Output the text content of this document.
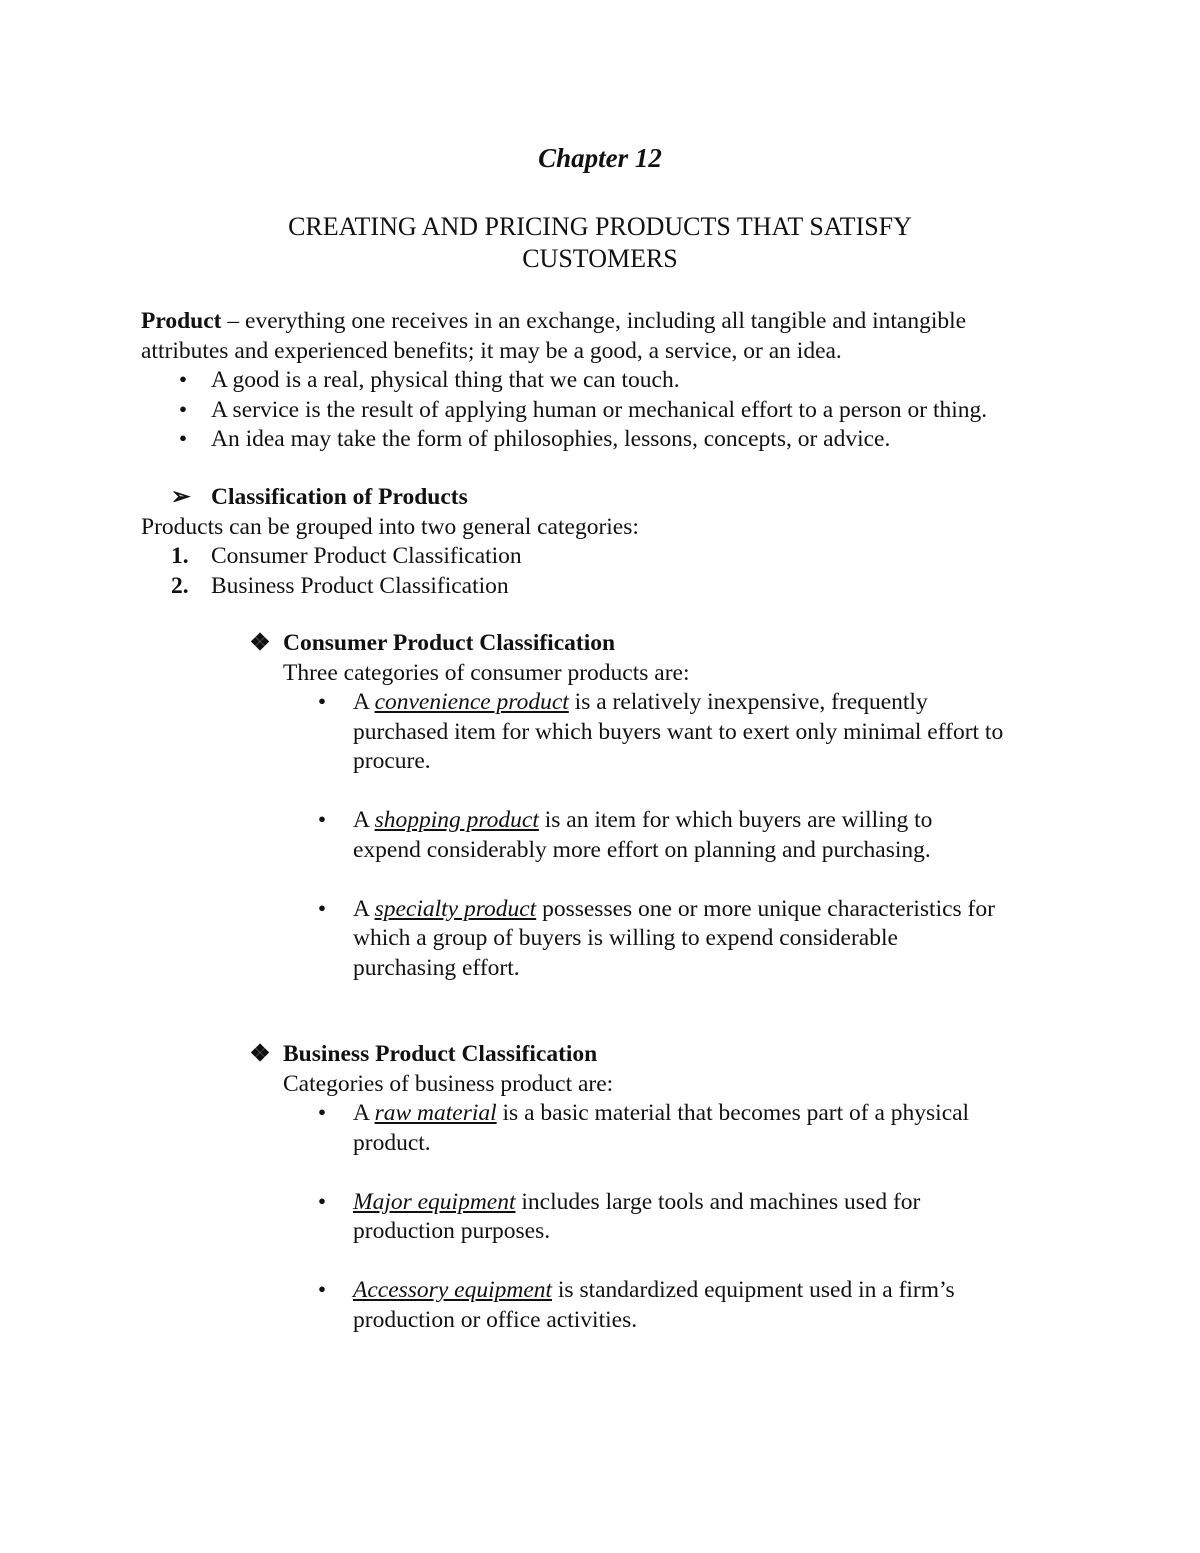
Chapter 12
CREATING AND PRICING PRODUCTS THAT SATISFY
CUSTOMERS
Product – everything one receives in an exchange, including all tangible and intangible
attributes and experienced benefits; it may be a good, a service, or an idea.
•	A good is a real, physical thing that we can touch.
•	A service is the result of applying human or mechanical effort to a person or thing.
•	An idea may take the form of philosophies, lessons, concepts, or advice.
➢ Classification of Products
Products can be grouped into two general categories:
1. Consumer Product Classification
2. Business Product Classification
❖ Consumer Product Classification
Three categories of consumer products are:
•	A convenience product is a relatively inexpensive, frequently
purchased item for which buyers want to exert only minimal effort to
procure.
•	A shopping product is an item for which buyers are willing to
expend considerably more effort on planning and purchasing.
•	A specialty product possesses one or more unique characteristics for
which a group of buyers is willing to expend considerable
purchasing effort.
❖ Business Product Classification
Categories of business product are:
•	A raw material is a basic material that becomes part of a physical
product.
•	Major equipment includes large tools and machines used for
production purposes.
•	Accessory equipment is standardized equipment used in a firm’s
production or office activities.
